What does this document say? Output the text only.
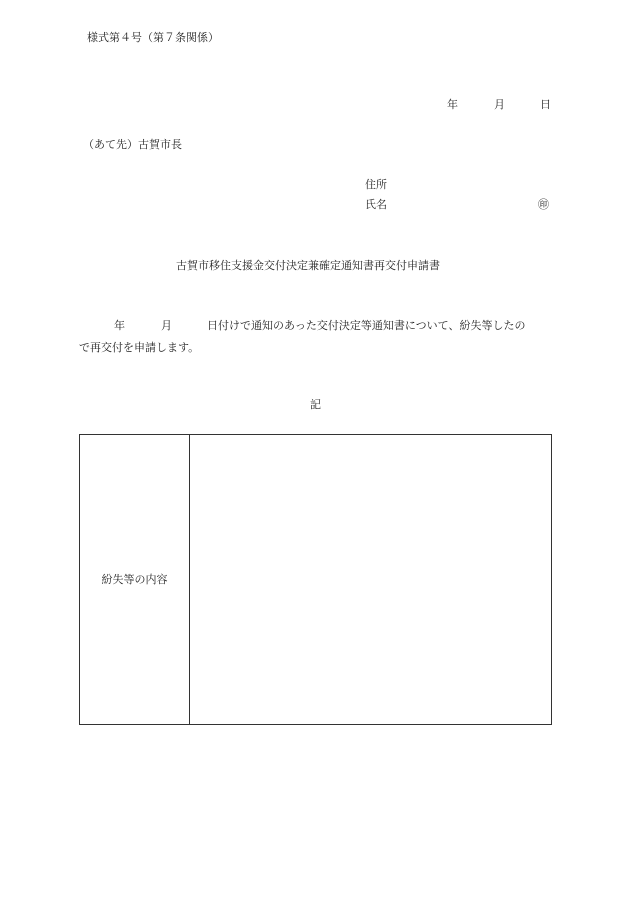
様式第４号（第７条関係）
年	月	日
（あて先）古賀市長
住所
氏名	㊞
古賀市移住支援金交付決定兼確定通知書再交付申請書
年	月	日付けで通知のあった交付決定等通知書について、紛失等したの
で再交付を申請します。
記
紛失等の内容
